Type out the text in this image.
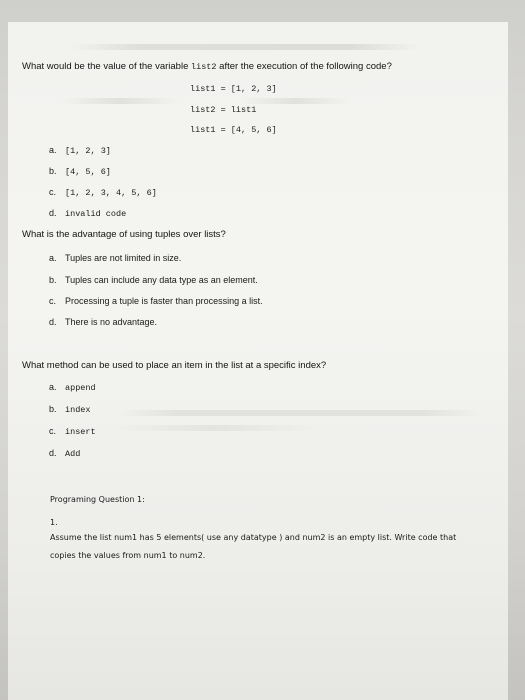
What would be the value of the variable list2 after the execution of the following code?
list1 = [1, 2, 3]
list2 = list1
list1 = [4, 5, 6]
a. [1, 2, 3]
b. [4, 5, 6]
c. [1, 2, 3, 4, 5, 6]
d. invalid code
What is the advantage of using tuples over lists?
a. Tuples are not limited in size.
b. Tuples can include any data type as an element.
c. Processing a tuple is faster than processing a list.
d. There is no advantage.
What method can be used to place an item in the list at a specific index?
a. append
b. index
c. insert
d. Add
Programing Question 1:
1.
Assume the list num1 has 5 elements( use any datatype ) and num2 is an empty list. Write code that
copies the values from num1 to num2.
